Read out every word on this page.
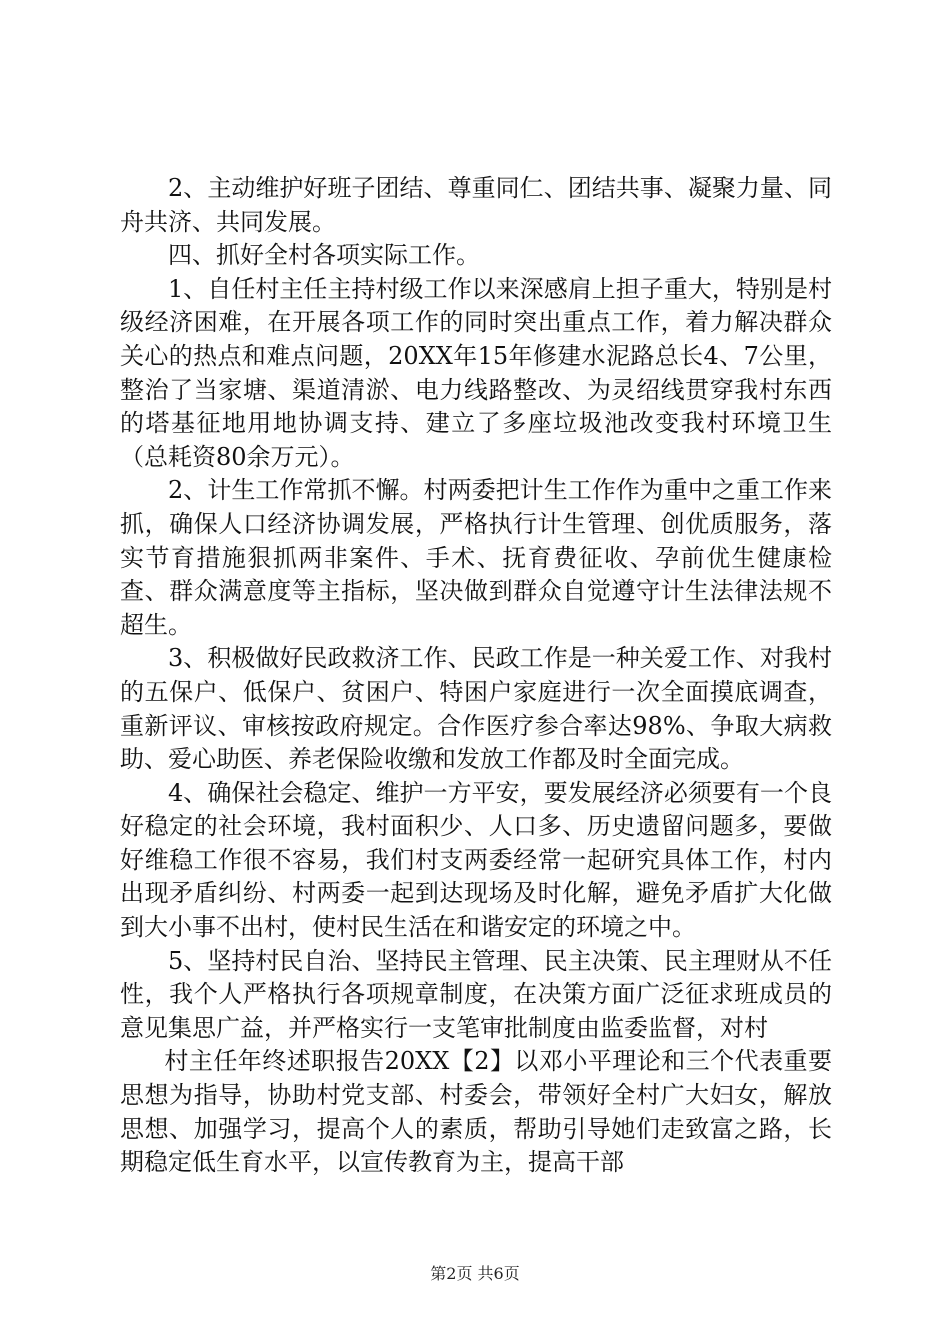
2、主动维护好班子团结、尊重同仁、团结共事、凝聚力量、同舟共济、共同发展。

四、抓好全村各项实际工作。

1、自任村主任主持村级工作以来深感肩上担子重大，特别是村级经济困难，在开展各项工作的同时突出重点工作，着力解决群众关心的热点和难点问题，20XX年15年修建水泥路总长4、7公里，整治了当家塘、渠道清淤、电力线路整改、为灵绍线贯穿我村东西的塔基征地用地协调支持、建立了多座垃圾池改变我村环境卫生（总耗资80余万元）。

2、计生工作常抓不懈。村两委把计生工作作为重中之重工作来抓，确保人口经济协调发展，严格执行计生管理、创优质服务，落实节育措施狠抓两非案件、手术、抚育费征收、孕前优生健康检查、群众满意度等主指标，坚决做到群众自觉遵守计生法律法规不超生。

3、积极做好民政救济工作、民政工作是一种关爱工作、对我村的五保户、低保户、贫困户、特困户家庭进行一次全面摸底调查，重新评议、审核按政府规定。合作医疗参合率达98%、争取大病救助、爱心助医、养老保险收缴和发放工作都及时全面完成。

4、确保社会稳定、维护一方平安，要发展经济必须要有一个良好稳定的社会环境，我村面积少、人口多、历史遗留问题多，要做好维稳工作很不容易，我们村支两委经常一起研究具体工作，村内出现矛盾纠纷、村两委一起到达现场及时化解，避免矛盾扩大化做到大小事不出村，使村民生活在和谐安定的环境之中。

5、坚持村民自治、坚持民主管理、民主决策、民主理财从不任性，我个人严格执行各项规章制度，在决策方面广泛征求班成员的意见集思广益，并严格实行一支笔审批制度由监委监督，对村

村主任年终述职报告20XX【2】以邓小平理论和三个代表重要思想为指导，协助村党支部、村委会，带领好全村广大妇女，解放思想、加强学习，提高个人的素质，帮助引导她们走致富之路，长期稳定低生育水平，以宣传教育为主，提高干部

第2页 共6页
